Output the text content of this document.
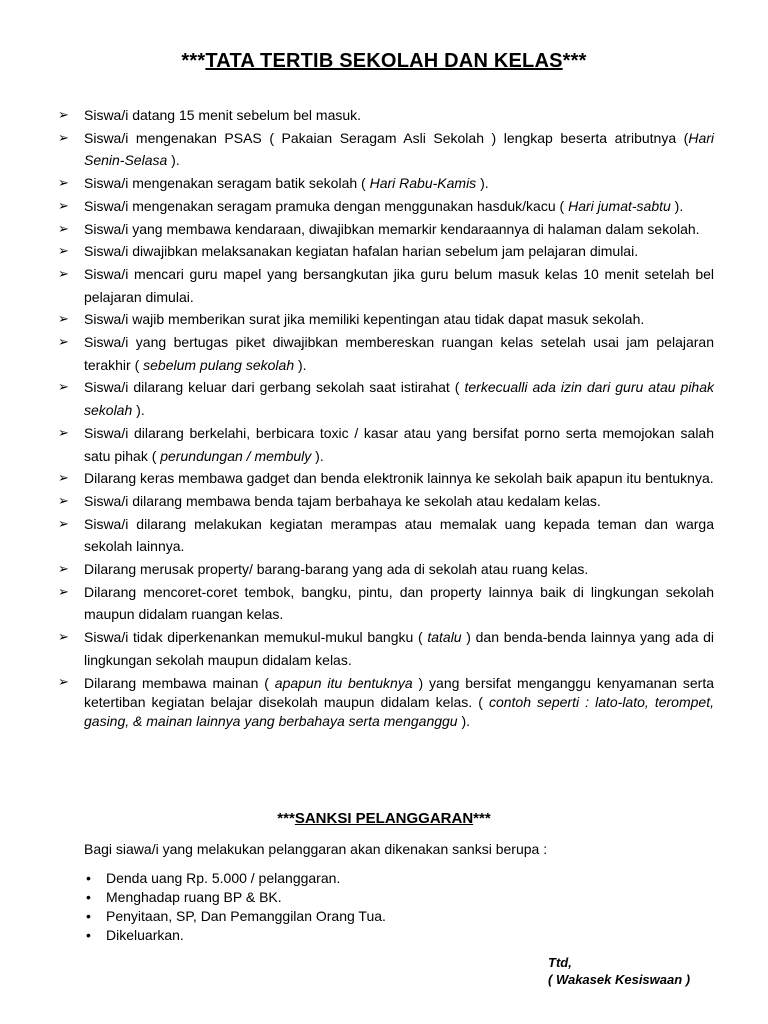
***TATA TERTIB SEKOLAH DAN KELAS***
➢ Siswa/i datang 15 menit sebelum bel masuk.
➢ Siswa/i mengenakan PSAS ( Pakaian Seragam Asli Sekolah ) lengkap beserta atributnya (Hari Senin-Selasa ).
➢ Siswa/i mengenakan seragam batik sekolah ( Hari Rabu-Kamis ).
➢ Siswa/i mengenakan seragam pramuka dengan menggunakan hasduk/kacu ( Hari jumat-sabtu ).
➢ Siswa/i yang membawa kendaraan, diwajibkan memarkir kendaraannya di halaman dalam sekolah.
➢ Siswa/i diwajibkan melaksanakan kegiatan hafalan harian sebelum jam pelajaran dimulai.
➢ Siswa/i mencari guru mapel yang bersangkutan jika guru belum masuk kelas 10 menit setelah bel pelajaran dimulai.
➢ Siswa/i wajib memberikan surat jika memiliki kepentingan atau tidak dapat masuk sekolah.
➢ Siswa/i yang bertugas piket diwajibkan membereskan ruangan kelas setelah usai jam pelajaran terakhir ( sebelum pulang sekolah ).
➢ Siswa/i dilarang keluar dari gerbang sekolah saat istirahat ( terkecualli ada izin dari guru atau pihak sekolah ).
➢ Siswa/i dilarang berkelahi, berbicara toxic / kasar atau yang bersifat porno serta memojokan salah satu pihak ( perundungan / membuly ).
➢ Dilarang keras membawa gadget dan benda elektronik lainnya ke sekolah baik apapun itu bentuknya.
➢ Siswa/i dilarang membawa benda tajam berbahaya ke sekolah atau kedalam kelas.
➢ Siswa/i dilarang melakukan kegiatan merampas atau memalak uang kepada teman dan warga sekolah lainnya.
➢ Dilarang merusak property/ barang-barang yang ada di sekolah atau ruang kelas.
➢ Dilarang mencoret-coret tembok, bangku, pintu, dan property lainnya baik di lingkungan sekolah maupun didalam ruangan kelas.
➢ Siswa/i tidak diperkenankan memukul-mukul bangku ( tatalu ) dan benda-benda lainnya yang ada di lingkungan sekolah maupun didalam kelas.
➢ Dilarang membawa mainan ( apapun itu bentuknya ) yang bersifat menganggu kenyamanan serta ketertiban kegiatan belajar disekolah maupun didalam kelas. ( contoh seperti : lato-lato, terompet, gasing, & mainan lainnya yang berbahaya serta menganggu ).
***SANKSI PELANGGARAN***
Bagi siawa/i yang melakukan pelanggaran akan dikenakan sanksi berupa :
• Denda uang Rp. 5.000 / pelanggaran.
• Menghadap ruang BP & BK.
• Penyitaan, SP, Dan Pemanggilan Orang Tua.
• Dikeluarkan.
Ttd,
( Wakasek Kesiswaan )
